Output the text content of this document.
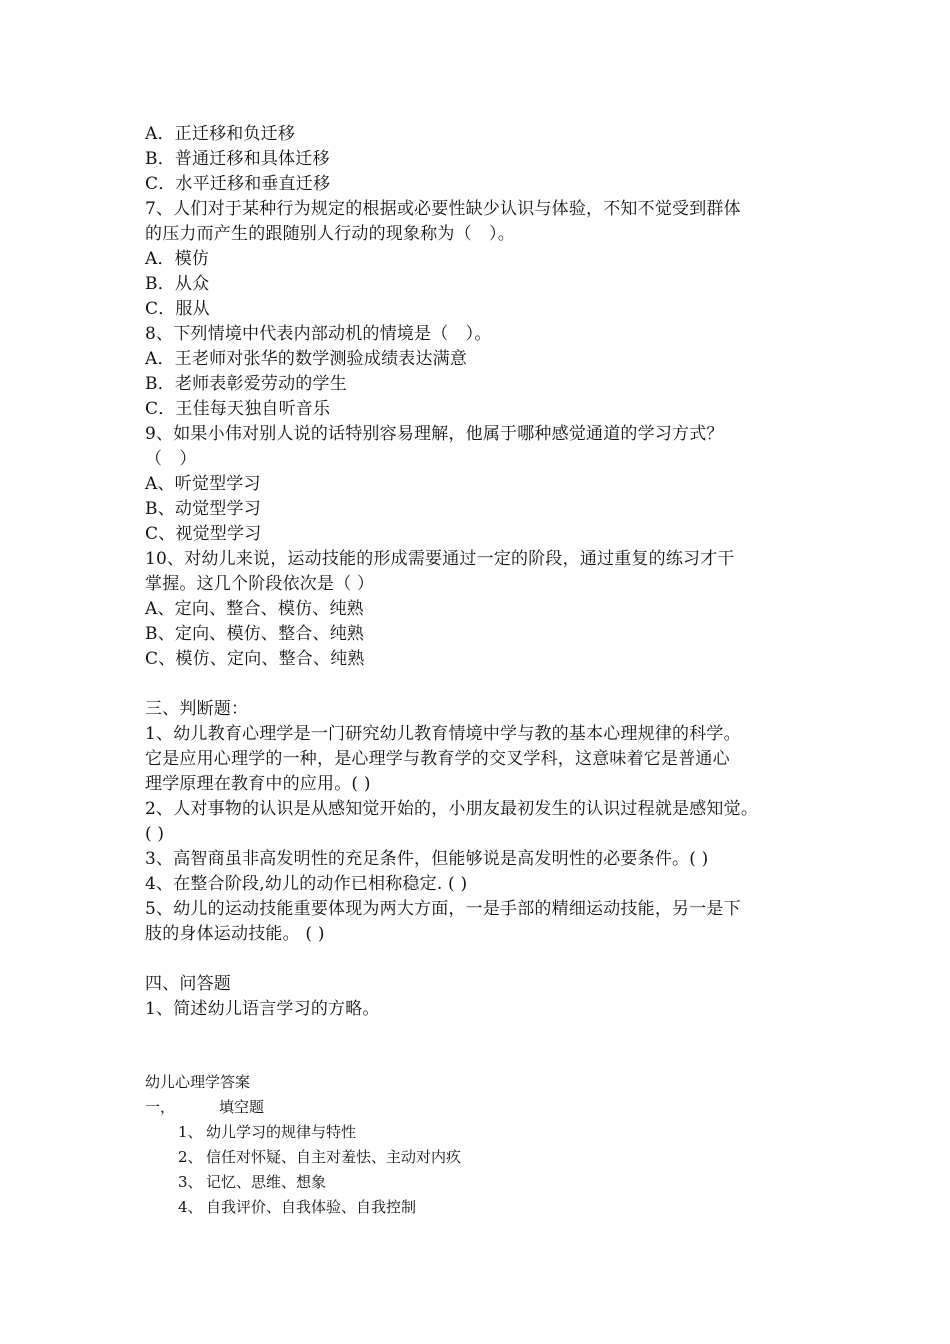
A．正迁移和负迁移
B．普通迁移和具体迁移
C．水平迁移和垂直迁移
7、人们对于某种行为规定的根据或必要性缺少认识与体验，不知不觉受到群体
的压力而产生的跟随别人行动的现象称为（　）。
A．模仿
B．从众
C．服从
8、下列情境中代表内部动机的情境是（　）。
A．王老师对张华的数学测验成绩表达满意
B．老师表彰爱劳动的学生
C．王佳每天独自听音乐
9、如果小伟对别人说的话特别容易理解，他属于哪种感觉通道的学习方式？
（　）
A、听觉型学习
B、动觉型学习
C、视觉型学习
10、对幼儿来说，运动技能的形成需要通过一定的阶段，通过重复的练习才干
掌握。这几个阶段依次是（ ）
A、定向、整合、模仿、纯熟
B、定向、模仿、整合、纯熟
C、模仿、定向、整合、纯熟
三、判断题：
1、幼儿教育心理学是一门研究幼儿教育情境中学与教的基本心理规律的科学。
它是应用心理学的一种，是心理学与教育学的交叉学科，这意味着它是普通心
理学原理在教育中的应用。( )
2、人对事物的认识是从感知觉开始的，小朋友最初发生的认识过程就是感知觉。
( )
3、高智商虽非高发明性的充足条件，但能够说是高发明性的必要条件。( )
4、在整合阶段,幼儿的动作已相称稳定. ( )
5、幼儿的运动技能重要体现为两大方面，一是手部的精细运动技能，另一是下
肢的身体运动技能。 ( )
四、问答题
1、简述幼儿语言学习的方略。
幼儿心理学答案
一，	填空题
1、 幼儿学习的规律与特性
2、 信任对怀疑、自主对羞怯、主动对内疚
3、 记忆、思维、想象
4、 自我评价、自我体验、自我控制
